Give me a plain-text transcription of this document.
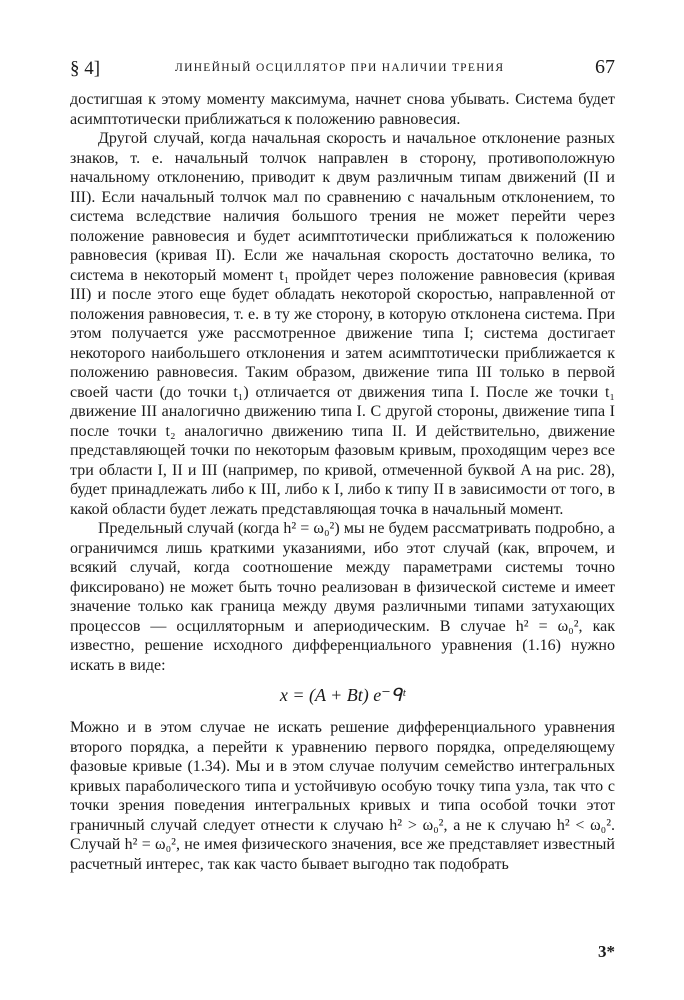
§ 4]	ЛИНЕЙНЫЙ ОСЦИЛЛЯТОР ПРИ НАЛИЧИИ ТРЕНИЯ	67

достигшая к этому моменту максимума, начнет снова убывать. Система будет асимптотически приближаться к положению равновесия.

Другой случай, когда начальная скорость и начальное отклонение разных знаков, т. е. начальный толчок направлен в сторону, противоположную начальному отклонению, приводит к двум различным типам движений (II и III). Если начальный толчок мал по сравнению с начальным отклонением, то система вследствие наличия большого трения не может перейти через положение равновесия и будет асимптотически приближаться к положению равновесия (кривая II). Если же начальная скорость достаточно велика, то система в некоторый момент t₁ пройдет через положение равновесия (кривая III) и после этого еще будет обладать некоторой скоростью, направленной от положения равновесия, т. е. в ту же сторону, в которую отклонена система. При этом получается уже рассмотренное движение типа I; система достигает некоторого наибольшего отклонения и затем асимптотически приближается к положению равновесия. Таким образом, движение типа III только в первой своей части (до точки t₁) отличается от движения типа I. После же точки t₁ движение III аналогично движению типа I. С другой стороны, движение типа I после точки t₂ аналогично движению типа II. И действительно, движение представляющей точки по некоторым фазовым кривым, проходящим через все три области I, II и III (например, по кривой, отмеченной буквой A на рис. 28), будет принадлежать либо к III, либо к I, либо к типу II в зависимости от того, в какой области будет лежать представляющая точка в начальный момент.

Предельный случай (когда h² = ω₀²) мы не будем рассматривать подробно, а ограничимся лишь краткими указаниями, ибо этот случай (как, впрочем, и всякий случай, когда соотношение между параметрами системы точно фиксировано) не может быть точно реализован в физической системе и имеет значение только как граница между двумя различными типами затухающих процессов — осцилляторным и апериодическим. В случае h² = ω₀², как известно, решение исходного дифференциального уравнения (1.16) нужно искать в виде:

x = (A + Bt) e⁻ᑫᵗ

Можно и в этом случае не искать решение дифференциального уравнения второго порядка, а перейти к уравнению первого порядка, определяющему фазовые кривые (1.34). Мы и в этом случае получим семейство интегральных кривых параболического типа и устойчивую особую точку типа узла, так что с точки зрения поведения интегральных кривых и типа особой точки этот граничный случай следует отнести к случаю h² > ω₀², а не к случаю h² < ω₀². Случай h² = ω₀², не имея физического значения, все же представляет известный расчетный интерес, так как часто бывает выгодно так подобрать

3*
